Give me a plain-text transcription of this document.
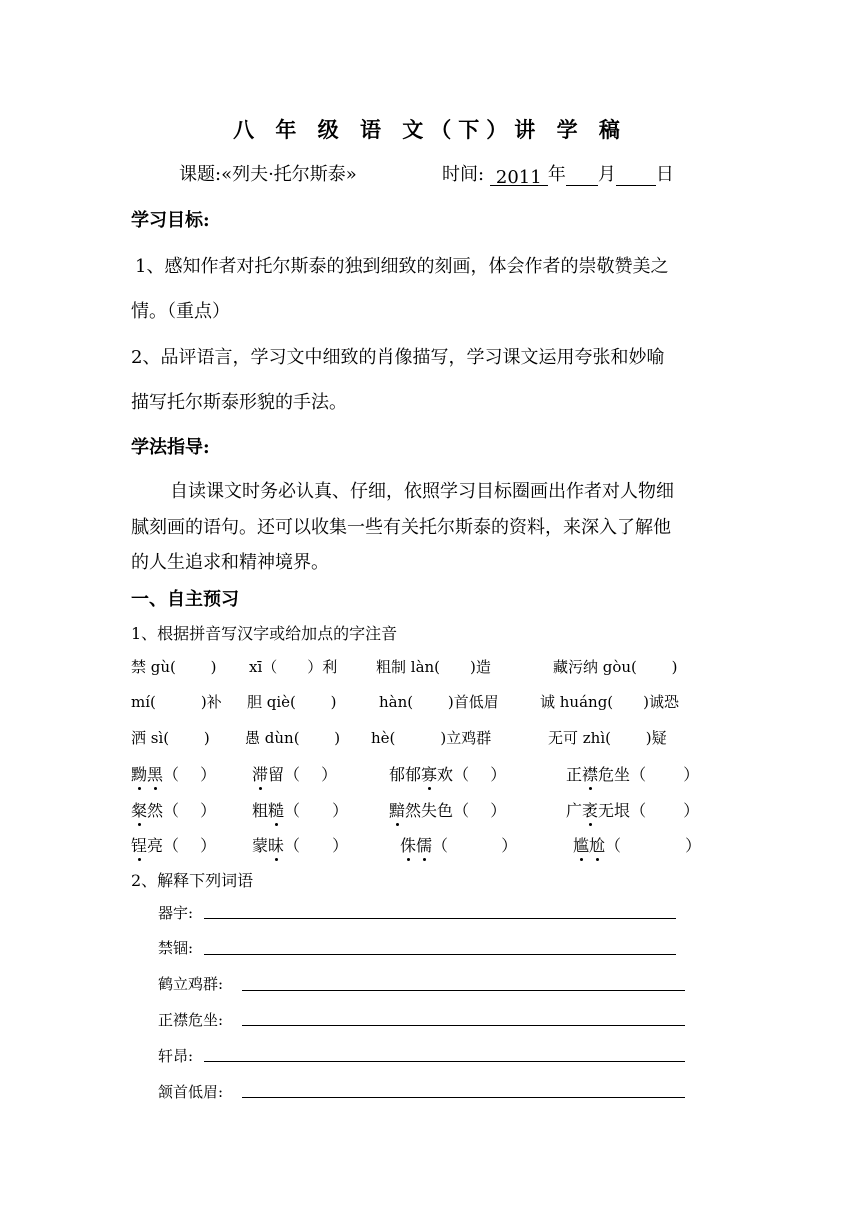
八 年 级 语 文（下）讲 学 稿
课题:«列夫·托尔斯泰»	时间: 2011 年 月 日
学习目标:
1、感知作者对托尔斯泰的独到细致的刻画，体会作者的崇敬赞美之
情。（重点）
2、品评语言，学习文中细致的肖像描写，学习课文运用夸张和妙喻
描写托尔斯泰形貌的手法。
学法指导:
自读课文时务必认真、仔细，依照学习目标圈画出作者对人物细
腻刻画的语句。还可以收集一些有关托尔斯泰的资料，来深入了解他
的人生追求和精神境界。
一、自主预习
1、根据拼音写汉字或给加点的字注音
禁 gù(　　 ) xī（　　）利	粗制 làn(　　)造	藏污纳 gòu(　　 )
mí(　　　)补 胆 qiè(　　 )	hàn(　　 )首低眉	诚 huáng(　　)诚恐
洒 sì(　　 ) 愚 dùn(　　 ) hè(　　　)立鸡群	无可 zhì(　　 )疑
黝黑（　 ） 滞留（　 ）	郁郁寡欢（　 ）	正襟危坐（　　 ）
粲然（　 ） 粗糙（　　 ）	黯然失色（　 ）	广袤无垠（　　 ）
锃亮（　 ） 蒙昧（　　 ）	侏儒（　　　	）	尴尬（　　　　	）
2、解释下列词语
器宇:
禁锢:
鹤立鸡群:
正襟危坐:
轩昂:
颔首低眉:
